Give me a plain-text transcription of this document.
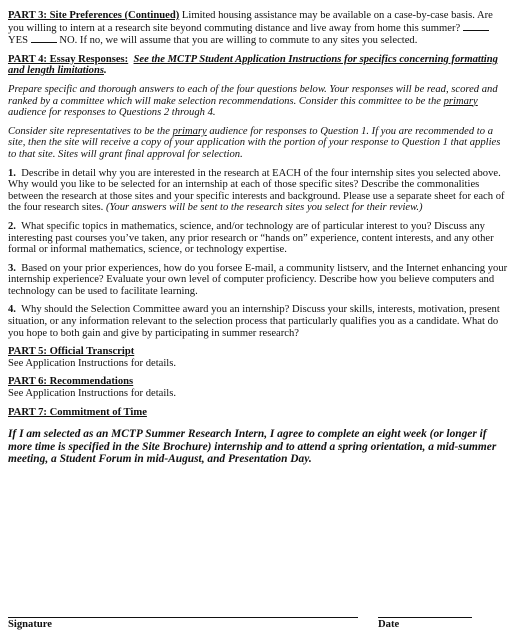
PART 3: Site Preferences (Continued) Limited housing assistance may be available on a case-by-case basis. Are you willing to intern at a research site beyond commuting distance and live away from home this summer? YES  NO. If no, we will assume that you are willing to commute to any sites you selected.

PART 4: Essay Responses: See the MCTP Student Application Instructions for specifics concerning formatting and length limitations.

Prepare specific and thorough answers to each of the four questions below. Your responses will be read, scored and ranked by a committee which will make selection recommendations. Consider this committee to be the primary audience for responses to Questions 2 through 4.

Consider site representatives to be the primary audience for responses to Question 1. If you are recommended to a site, then the site will receive a copy of your application with the portion of your response to Question 1 that applies to that site. Sites will grant final approval for selection.

1. Describe in detail why you are interested in the research at EACH of the four internship sites you selected above. Why would you like to be selected for an internship at each of those specific sites? Describe the commonalities between the research at those sites and your specific interests and background. Please use a separate sheet for each of the four research sites. (Your answers will be sent to the research sites you select for their review.)

2. What specific topics in mathematics, science, and/or technology are of particular interest to you? Discuss any interesting past courses you’ve taken, any prior research or “hands on” experience, content interests, and any other formal or informal mathematics, science, or technology expertise.

3. Based on your prior experiences, how do you forsee E-mail, a community listserv, and the Internet enhancing your internship experience? Evaluate your own level of computer proficiency. Describe how you believe computers and technology can be used to facilitate learning.

4. Why should the Selection Committee award you an internship? Discuss your skills, interests, motivation, present situation, or any information relevant to the selection process that particularly qualifies you as a candidate. What do you hope to both gain and give by participating in summer research?

PART 5: Official Transcript
See Application Instructions for details.

PART 6: Recommendations
See Application Instructions for details.

PART 7: Commitment of Time

If I am selected as an MCTP Summer Research Intern, I agree to complete an eight week (or longer if more time is specified in the Site Brochure) internship and to attend a spring orientation, a mid-summer meeting, a Student Forum in mid-August, and Presentation Day.

Signature	Date
